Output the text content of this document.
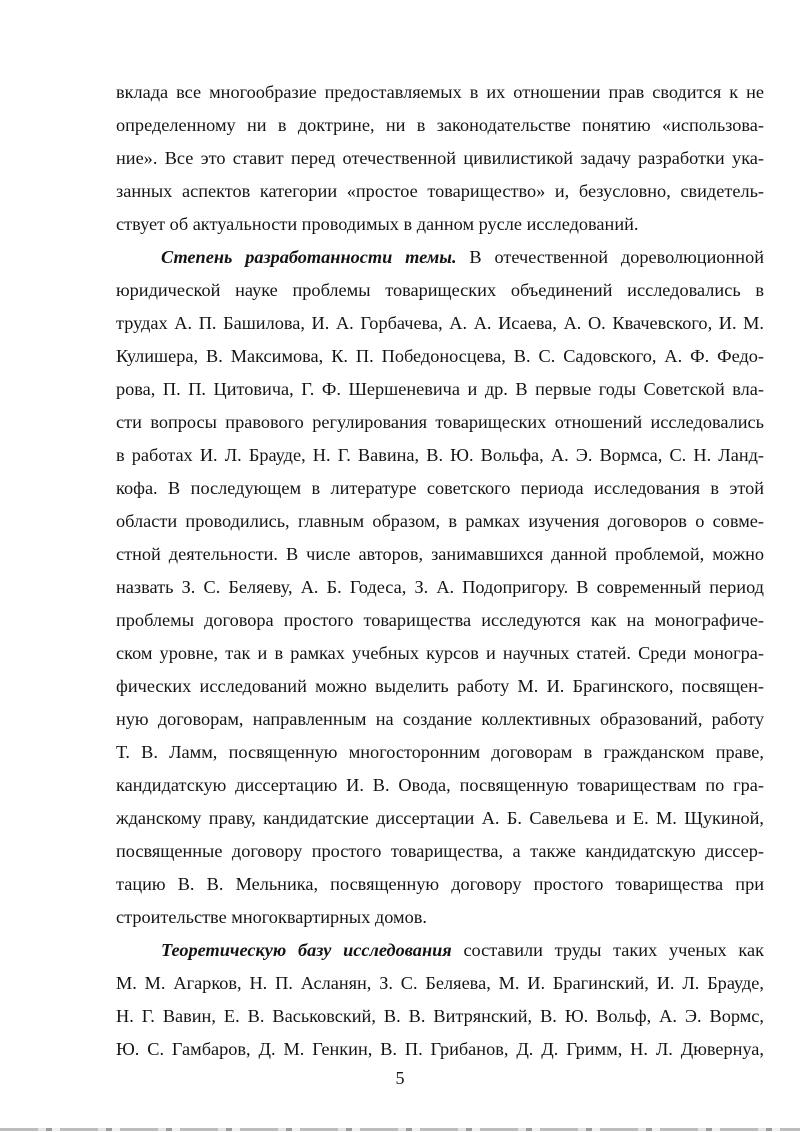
вклада все многообразие предоставляемых в их отношении прав сводится к не
определенному ни в доктрине, ни в законодательстве понятию «использова-
ние». Все это ставит перед отечественной цивилистикой задачу разработки ука-
занных аспектов категории «простое товарищество» и, безусловно, свидетель-
ствует об актуальности проводимых в данном русле исследований.
Степень разработанности темы. В отечественной дореволюционной
юридической науке проблемы товарищеских объединений исследовались в
трудах А. П. Башилова, И. А. Горбачева, А. А. Исаева, А. О. Квачевского, И. М.
Кулишера, В. Максимова, К. П. Победоносцева, В. С. Садовского, А. Ф. Федо-
рова, П. П. Цитовича, Г. Ф. Шершеневича и др. В первые годы Советской вла-
сти вопросы правового регулирования товарищеских отношений исследовались
в работах И. Л. Брауде, Н. Г. Вавина, В. Ю. Вольфа, А. Э. Вормса, С. Н. Ланд-
кофа. В последующем в литературе советского периода исследования в этой
области проводились, главным образом, в рамках изучения договоров о совме-
стной деятельности. В числе авторов, занимавшихся данной проблемой, можно
назвать З. С. Беляеву, А. Б. Годеса, З. А. Подопригору. В современный период
проблемы договора простого товарищества исследуются как на монографиче-
ском уровне, так и в рамках учебных курсов и научных статей. Среди моногра-
фических исследований можно выделить работу М. И. Брагинского, посвящен-
ную договорам, направленным на создание коллективных образований, работу
Т. В. Ламм, посвященную многосторонним договорам в гражданском праве,
кандидатскую диссертацию И. В. Овода, посвященную товариществам по гра-
жданскому праву, кандидатские диссертации А. Б. Савельева и Е. М. Щукиной,
посвященные договору простого товарищества, а также кандидатскую диссер-
тацию В. В. Мельника, посвященную договору простого товарищества при
строительстве многоквартирных домов.
Теоретическую базу исследования составили труды таких ученых как
М. М. Агарков, Н. П. Асланян, З. С. Беляева, М. И. Брагинский, И. Л. Брауде,
Н. Г. Вавин, Е. В. Васьковский, В. В. Витрянский, В. Ю. Вольф, А. Э. Вормс,
Ю. С. Гамбаров, Д. М. Генкин, В. П. Грибанов, Д. Д. Гримм, Н. Л. Дювернуа,
5
